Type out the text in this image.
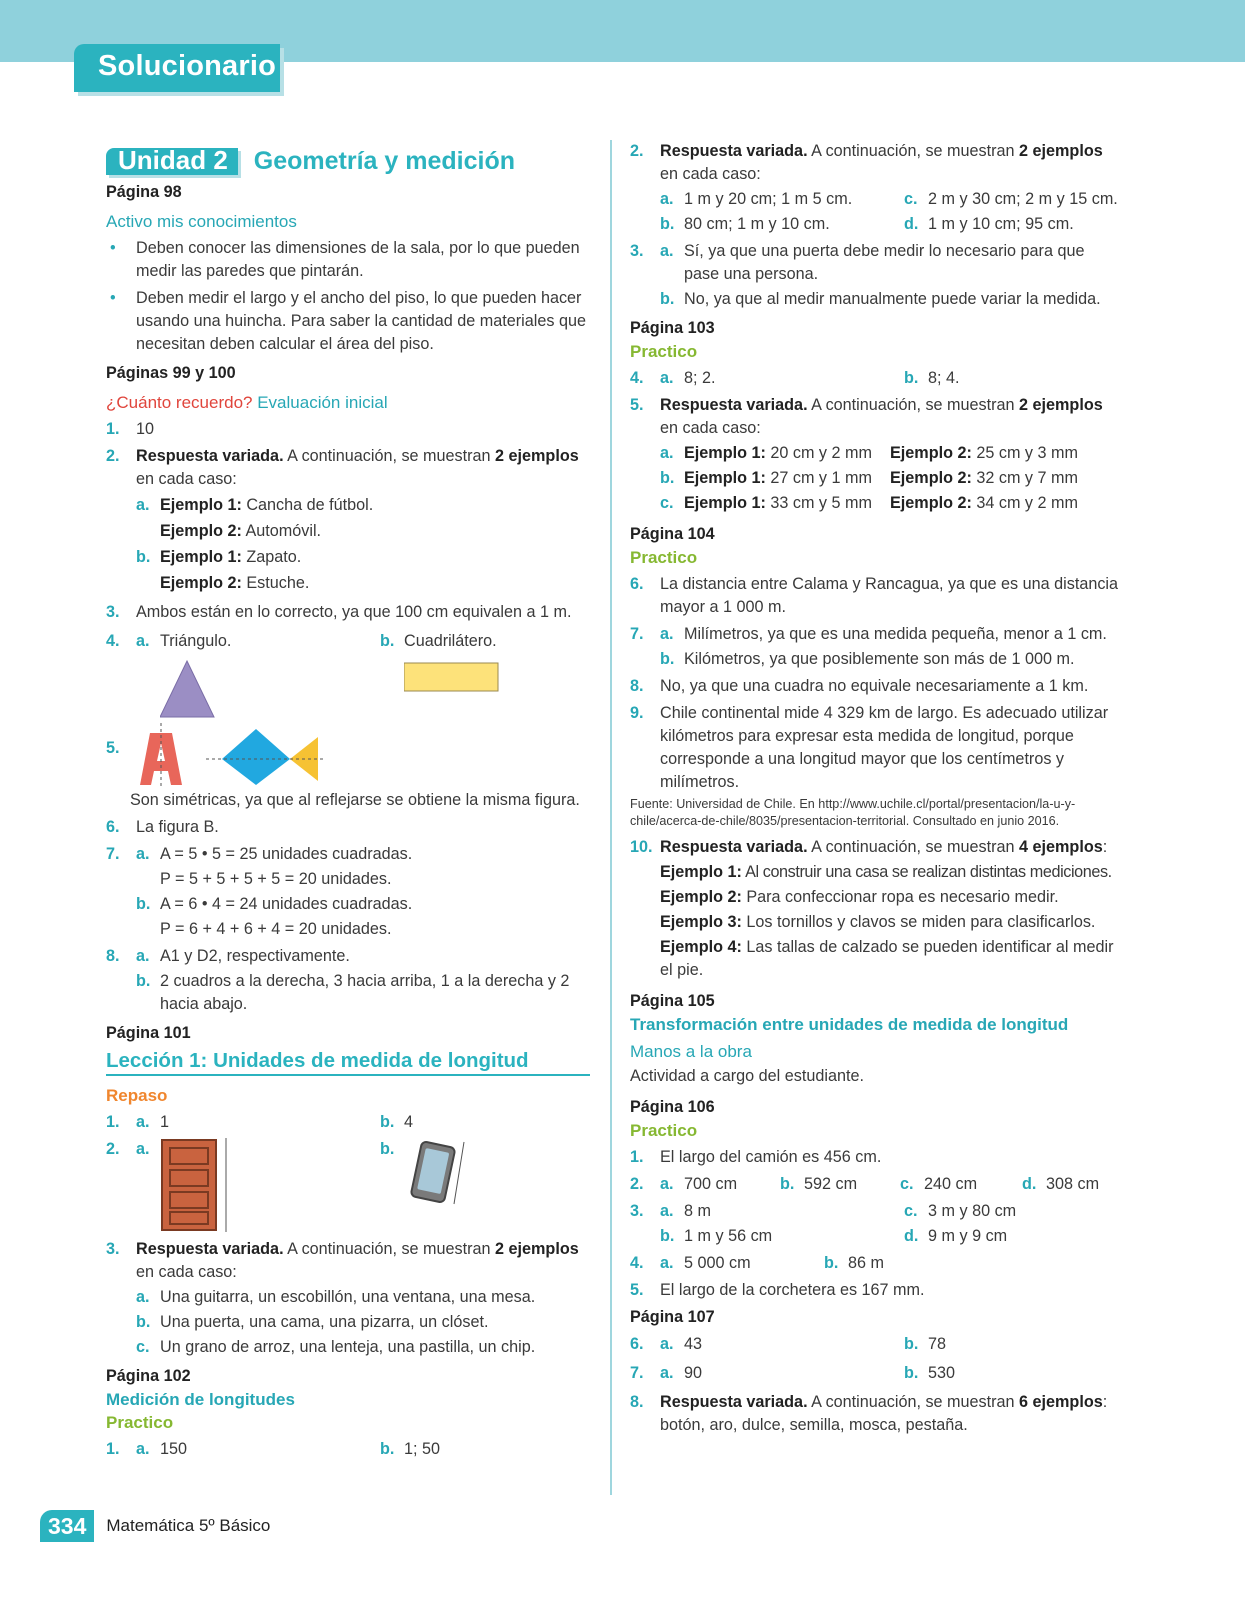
Solucionario
Unidad 2	Geometría y medición
Página 98
Activo mis conocimientos
• Deben conocer las dimensiones de la sala, por lo que pueden medir las paredes que pintarán.
• Deben medir el largo y el ancho del piso, lo que pueden hacer usando una huincha. Para saber la cantidad de materiales que necesitan deben calcular el área del piso.
Páginas 99 y 100
¿Cuánto recuerdo? Evaluación inicial
1. 10
2. Respuesta variada. A continuación, se muestran 2 ejemplos en cada caso:
a. Ejemplo 1: Cancha de fútbol.
Ejemplo 2: Automóvil.
b. Ejemplo 1: Zapato.
Ejemplo 2: Estuche.
3. Ambos están en lo correcto, ya que 100 cm equivalen a 1 m.
4. a. Triángulo.	b. Cuadrilátero.
5.
Son simétricas, ya que al reflejarse se obtiene la misma figura.
6. La figura B.
7. a. A = 5 • 5 = 25 unidades cuadradas.
P = 5 + 5 + 5 + 5 = 20 unidades.
b. A = 6 • 4 = 24 unidades cuadradas.
P = 6 + 4 + 6 + 4 = 20 unidades.
8. a. A1 y D2, respectivamente.
b. 2 cuadros a la derecha, 3 hacia arriba, 1 a la derecha y 2 hacia abajo.
Página 101
Lección 1: Unidades de medida de longitud
Repaso
1. a. 1	b. 4
2. a.	b.
3. Respuesta variada. A continuación, se muestran 2 ejemplos en cada caso:
a. Una guitarra, un escobillón, una ventana, una mesa.
b. Una puerta, una cama, una pizarra, un clóset.
c. Un grano de arroz, una lenteja, una pastilla, un chip.
Página 102
Medición de longitudes
Practico
1. a. 150	b. 1; 50
2. Respuesta variada. A continuación, se muestran 2 ejemplos en cada caso:
a. 1 m y 20 cm; 1 m 5 cm.	c. 2 m y 30 cm; 2 m y 15 cm.
b. 80 cm; 1 m y 10 cm.	d. 1 m y 10 cm; 95 cm.
3. a. Sí, ya que una puerta debe medir lo necesario para que pase una persona.
b. No, ya que al medir manualmente puede variar la medida.
Página 103
Practico
4. a. 8; 2.	b. 8; 4.
5. Respuesta variada. A continuación, se muestran 2 ejemplos en cada caso:
a. Ejemplo 1: 20 cm y 2 mm	Ejemplo 2: 25 cm y 3 mm
b. Ejemplo 1: 27 cm y 1 mm	Ejemplo 2: 32 cm y 7 mm
c. Ejemplo 1: 33 cm y 5 mm	Ejemplo 2: 34 cm y 2 mm
Página 104
Practico
6. La distancia entre Calama y Rancagua, ya que es una distancia mayor a 1 000 m.
7. a. Milímetros, ya que es una medida pequeña, menor a 1 cm.
b. Kilómetros, ya que posiblemente son más de 1 000 m.
8. No, ya que una cuadra no equivale necesariamente a 1 km.
9. Chile continental mide 4 329 km de largo. Es adecuado utilizar kilómetros para expresar esta medida de longitud, porque corresponde a una longitud mayor que los centímetros y milímetros.
Fuente: Universidad de Chile. En http://www.uchile.cl/portal/presentacion/la-u-y-chile/acerca-de-chile/8035/presentacion-territorial. Consultado en junio 2016.
10. Respuesta variada. A continuación, se muestran 4 ejemplos:
Ejemplo 1: Al construir una casa se realizan distintas mediciones.
Ejemplo 2: Para confeccionar ropa es necesario medir.
Ejemplo 3: Los tornillos y clavos se miden para clasificarlos.
Ejemplo 4: Las tallas de calzado se pueden identificar al medir el pie.
Página 105
Transformación entre unidades de medida de longitud
Manos a la obra
Actividad a cargo del estudiante.
Página 106
Practico
1. El largo del camión es 456 cm.
2. a. 700 cm	b. 592 cm	c. 240 cm	d. 308 cm
3. a. 8 m	c. 3 m y 80 cm
b. 1 m y 56 cm	d. 9 m y 9 cm
4. a. 5 000 cm	b. 86 m
5. El largo de la corchetera es 167 mm.
Página 107
6. a. 43	b. 78
7. a. 90	b. 530
8. Respuesta variada. A continuación, se muestran 6 ejemplos:
botón, aro, dulce, semilla, mosca, pestaña.
334	Matemática 5º Básico
